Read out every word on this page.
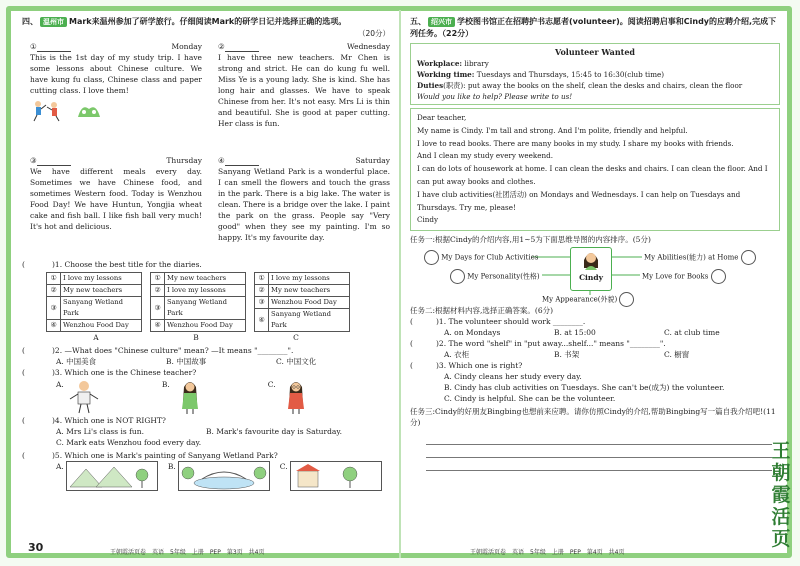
四、 温州市 Mark来温州参加了研学旅行。仔细阅读Mark的研学日记并选择正确的选项。
（20分）
①	Monday

This is the 1st day of my study trip. I have some lessons about Chinese culture. We have kung fu class, Chinese class and paper cutting class. I love them!

②	Wednesday

I have three new teachers. Mr Chen is strong and strict. He can do kung fu well. Miss Ye is a young lady. She is kind. She has long hair and glasses. We have to speak Chinese from her. It's not easy. Mrs Li is thin and beautiful. She is good at paper cutting. Her class is fun.

③	Thursday

We have different meals every day. Sometimes we have Chinese food, and sometimes Western food. Today is Wenzhou Food Day! We have Huntun, Yongjia wheat cake and fish ball. I like fish ball very much! It's hot and delicious.

④	Saturday

Sanyang Wetland Park is a wonderful place. I can smell the flowers and touch the grass in the park. There is a big lake. The water is clean. There is a bridge over the lake. I paint the park on the grass. People say "Very good" when they see my painting. I'm so happy. It's my favourite day.

(	)1.
Choose the best title for the diaries.
①	I love my lessons
②	My new teachers
③	Sanyang Wetland Park
④	Wenzhou Food Day
①	My new teachers
②	I love my lessons
③	Sanyang Wetland Park
④	Wenzhou Food Day
①	I love my lessons
②	My new teachers
③	Wenzhou Food Day
④	Sanyang Wetland Park
A	B	C
(	)2.
—What does "Chinese culture" mean? —It means "________".
A. 中国美食	B. 中国故事	C. 中国文化
(	)3.
Which one is the Chinese teacher?
A.	B.	C.
(	)4.
Which one is NOT RIGHT?
A. Mrs Li's class is fun.	B. Mark's favourite day is Saturday.
C. Mark eats Wenzhou food every day.
(	)5.
Which one is Mark's painting of Sanyang Wetland Park?
A.	B.	C.
五、 绍兴市 学校图书馆正在招聘护书志愿者(volunteer)。阅读招聘启事和Cindy的应聘介绍,完成下列任务。（22分）
Volunteer Wanted
Workplace: library
Working time: Tuesdays and Thursdays, 15:45 to 16:30(club time)
Duties(职责): put away the books on the shelf, clean the desks and chairs, clean the floor
Would you like to help? Please write to us!

Dear teacher,

My name is Cindy. I'm tall and strong. And I'm polite, friendly and helpful.

I love to read books. There are many books in my study. I share my books with friends.

And I clean my study every weekend.

I can do lots of housework at home. I can clean the desks and chairs. I can clean the floor. And I can put away books and clothes.

I have club activities(社团活动) on Mondays and Wednesdays. I can help on Tuesdays and Thursdays. Try me, please!

Cindy

任务一:根据Cindy的介绍内容,用1~5为下面思维导图的内容排序。(5分)
My Days for Club Activities	My Abilities(能力) at Home
My Personality(性格)	My Love for Books
Cindy
My Appearance(外貌)
任务二:根据材料内容,选择正确答案。(6分)
(	)1.
The volunteer should work ________.
A. on Mondays	B. at 15:00	C. at club time
(	)2.
The word "shelf" in "put away...shelf..." means "________".
A. 衣柜	B. 书架	C. 橱窗
(	)3.
Which one is right?
A. Cindy cleans her study every day.
B. Cindy has club activities on Tuesdays. She can't be(成为) the volunteer.
C. Cindy is helpful. She can be the volunteer.
任务三:Cindy的好朋友Bingbing也想前来应聘。请你仿照Cindy的介绍,帮助Bingbing写一篇自我介绍吧!(11分)
30	王朝霞活页卷　英语　5年级　上册　PEP　第3页　共4页	王朝霞活页卷　英语　5年级　上册　PEP　第4页　共4页
王朝霞活页
